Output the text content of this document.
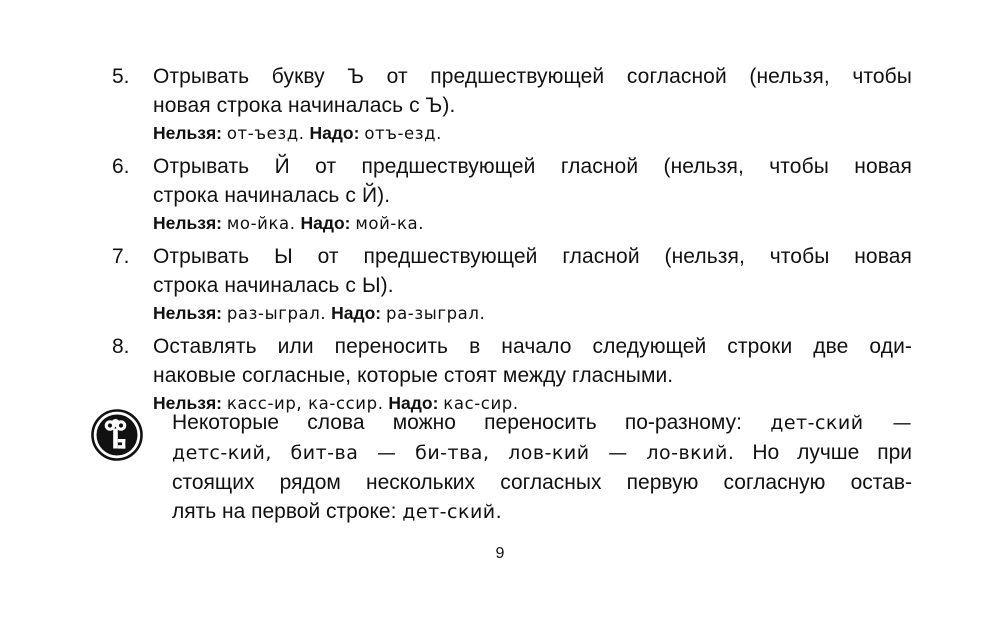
5. Отрывать букву Ъ от предшествующей согласной (нельзя, чтобы
новая строка начиналась с Ъ).
Нельзя: от-ъезд. Надо: отъ-езд.
6. Отрывать Й от предшествующей гласной (нельзя, чтобы новая
строка начиналась с Й).
Нельзя: мо-йка. Надо: мой-ка.
7. Отрывать Ы от предшествующей гласной (нельзя, чтобы новая
строка начиналась с Ы).
Нельзя: раз-ыграл. Надо: ра-зыграл.
8. Оставлять или переносить в начало следующей строки две оди-
наковые согласные, которые стоят между гласными.
Нельзя: касс-ир, ка-ссир. Надо: кас-сир.
Некоторые слова можно переносить по-разному: дет-ский —
детс-кий, бит-ва — би-тва, лов-кий — ло-вкий. Но лучше при
стоящих рядом нескольких согласных первую согласную остав-
лять на первой строке: дет-ский.
9
